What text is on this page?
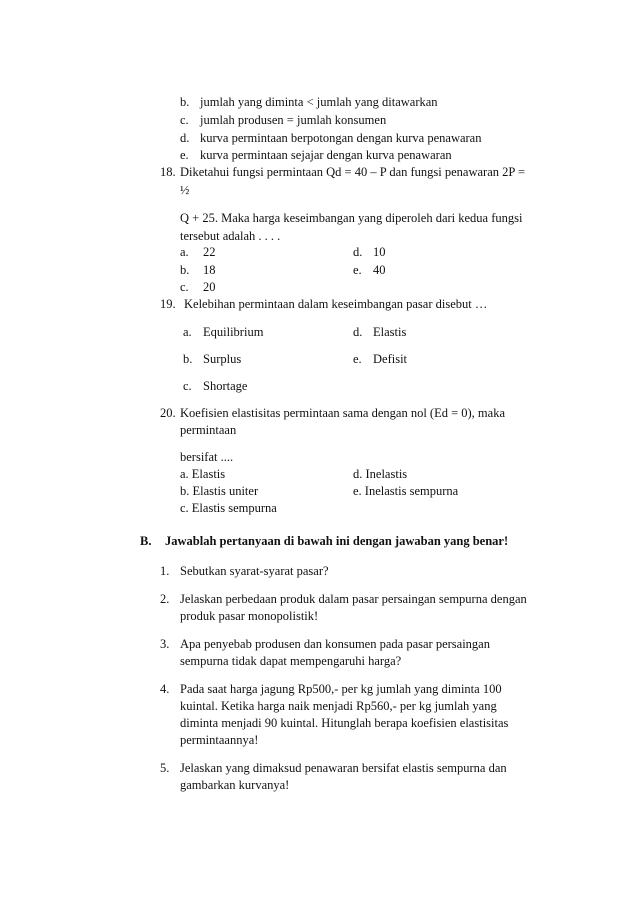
b. jumlah yang diminta < jumlah yang ditawarkan
c. jumlah produsen = jumlah konsumen
d. kurva permintaan berpotongan dengan kurva penawaran
e. kurva permintaan sejajar dengan kurva penawaran
18. Diketahui fungsi permintaan Qd = 40 – P dan fungsi penawaran 2P =
½
Q + 25. Maka harga keseimbangan yang diperoleh dari kedua fungsi
tersebut adalah . . . .
a. 22	d. 10
b. 18	e. 40
c. 20
19. Kelebihan permintaan dalam keseimbangan pasar disebut …
a. Equilibrium	d. Elastis
b. Surplus	e. Defisit
c. Shortage
20. Koefisien elastisitas permintaan sama dengan nol (Ed = 0), maka
permintaan
bersifat ....
a. Elastis	d. Inelastis
b. Elastis uniter	e. Inelastis sempurna
c. Elastis sempurna
B. Jawablah pertanyaan di bawah ini dengan jawaban yang benar!
1. Sebutkan syarat-syarat pasar?
2. Jelaskan perbedaan produk dalam pasar persaingan sempurna dengan
produk pasar monopolistik!
3. Apa penyebab produsen dan konsumen pada pasar persaingan
sempurna tidak dapat mempengaruhi harga?
4. Pada saat harga jagung Rp500,- per kg jumlah yang diminta 100
kuintal. Ketika harga naik menjadi Rp560,- per kg jumlah yang
diminta menjadi 90 kuintal. Hitunglah berapa koefisien elastisitas
permintaannya!
5. Jelaskan yang dimaksud penawaran bersifat elastis sempurna dan
gambarkan kurvanya!
